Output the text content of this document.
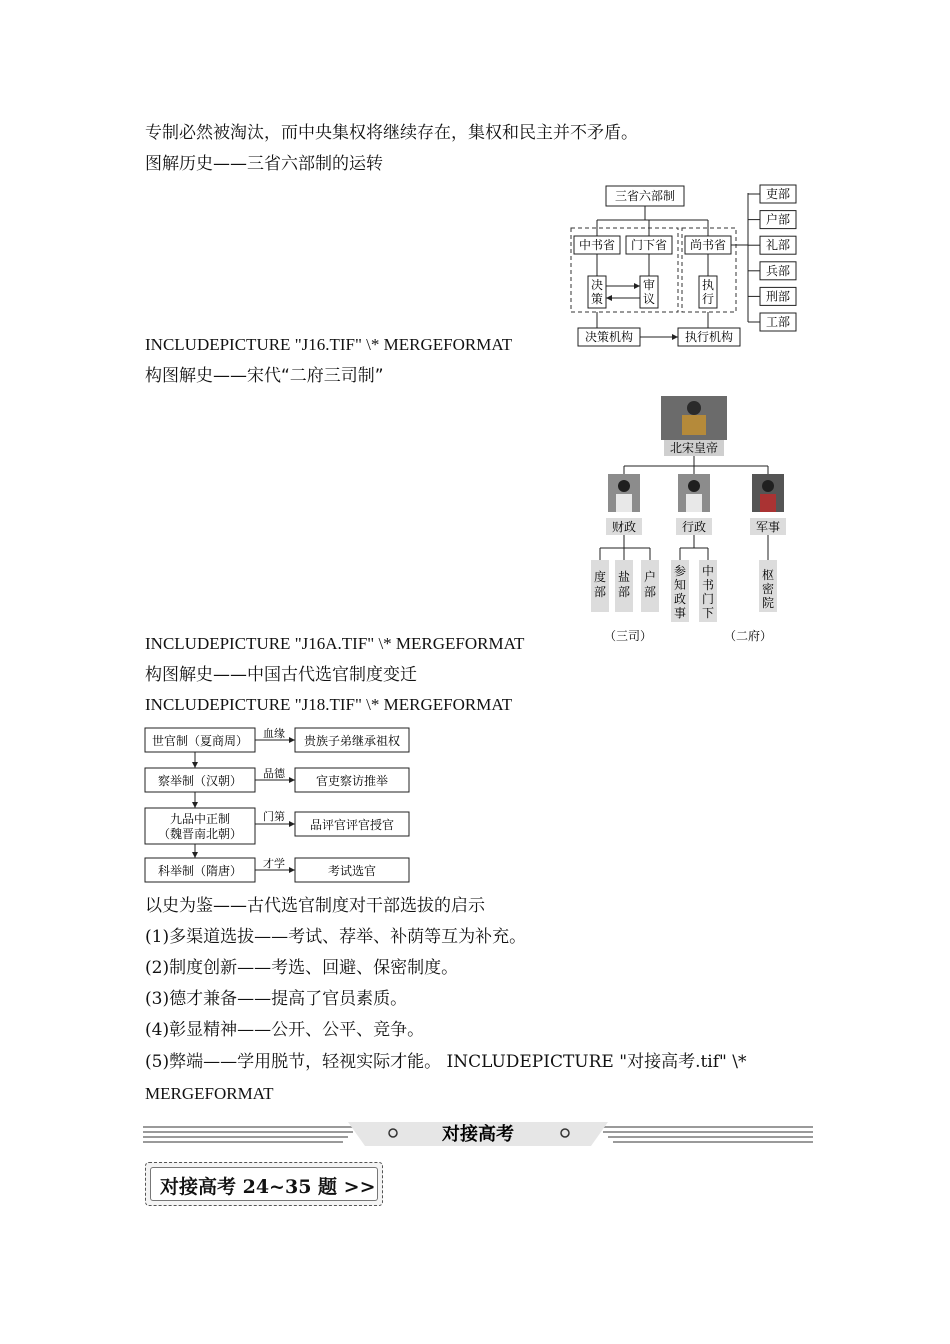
专制必然被淘汰，而中央集权将继续存在，集权和民主并不矛盾。
图解历史——三省六部制的运转
三省六部制
中书省 门下省 尚书省
决
策
审
议
执
行
决策机构	执行机构
吏部
户部
礼部
兵部
刑部
工部
INCLUDEPICTURE "J16.TIF" \* MERGEFORMAT
构图解史——宋代“二府三司制”
北宋皇帝
财政	行政	军事
度
部
盐
部
户
部
参
知
政
事
中
书
门
下
枢
密
院
（三司）	（二府）
INCLUDEPICTURE "J16A.TIF" \* MERGEFORMAT
构图解史——中国古代选官制度变迁
INCLUDEPICTURE "J18.TIF" \* MERGEFORMAT
世官制（夏商周）
血缘
贵族子弟继承祖权
察举制（汉朝）
品德
官吏察访推举
九品中正制
（魏晋南北朝）
门第
品评官评官授官
科举制（隋唐）
才学
考试选官
以史为鉴——古代选官制度对干部选拔的启示
(1)多渠道选拔——考试、荐举、补荫等互为补充。
(2)制度创新——考选、回避、保密制度。
(3)德才兼备——提高了官员素质。
(4)彰显精神——公开、公平、竞争。
(5)弊端——学用脱节，轻视实际才能。 INCLUDEPICTURE "对接高考.tif" \*
MERGEFORMAT
对接高考
对接高考 24~35 题 >>
